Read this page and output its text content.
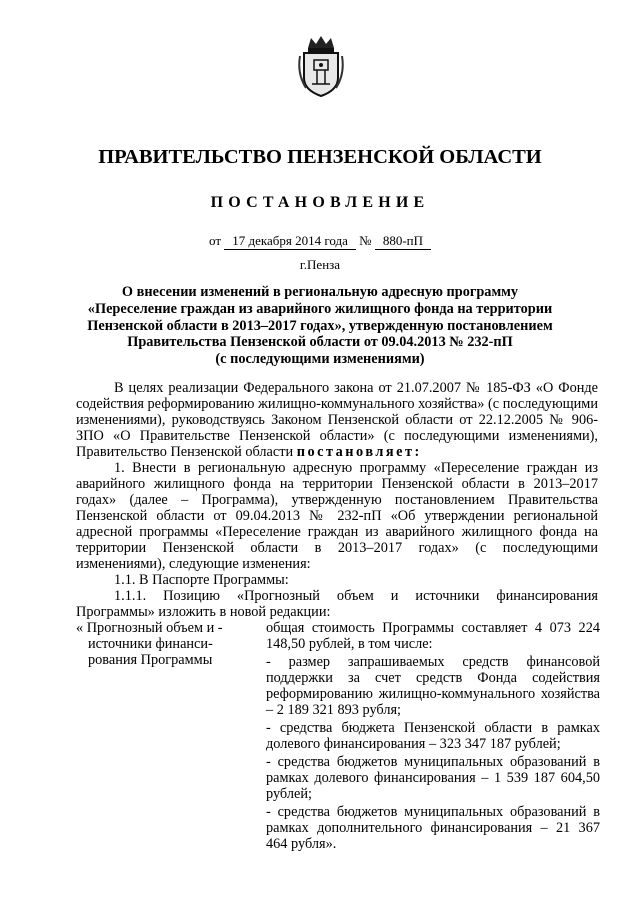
ПРАВИТЕЛЬСТВО ПЕНЗЕНСКОЙ ОБЛАСТИ
ПОСТАНОВЛЕНИЕ
от 17 декабря 2014 года № 880-пП
г.Пенза
О внесении изменений в региональную адресную программу
«Переселение граждан из аварийного жилищного фонда на территории
Пензенской области в 2013–2017 годах», утвержденную постановлением
Правительства Пензенской области от 09.04.2013 № 232-пП
(с последующими изменениями)

В целях реализации Федерального закона от 21.07.2007 № 185-ФЗ «О Фонде содействия реформированию жилищно-коммунального хозяйства» (с последующими изменениями), руководствуясь Законом Пензенской области от 22.12.2005 № 906-ЗПО «О Правительстве Пензенской области» (с последующими изменениями), Правительство Пензенской области постановляет:

1. Внести в региональную адресную программу «Переселение граждан из аварийного жилищного фонда на территории Пензенской области в 2013–2017 годах» (далее – Программа), утвержденную постановлением Правительства Пензенской области от 09.04.2013 № 232-пП «Об утверждении региональной адресной программы «Переселение граждан из аварийного жилищного фонда на территории Пензенской области в 2013–2017 годах» (с последующими изменениями), следующие изменения:

1.1. В Паспорте Программы:

1.1.1. Позицию «Прогнозный объем и источники финансирования Программы» изложить в новой редакции:

« Прогнозный объем и -
источники финанси-
рования Программы

общая стоимость Программы составляет 4 073 224 148,50 рублей, в том числе:

- размер запрашиваемых средств финансовой поддержки за счет средств Фонда содействия реформированию жилищно-коммунального хозяйства – 2 189 321 893 рубля;

- средства бюджета Пензенской области в рамках долевого финансирования – 323 347 187 рублей;

- средства бюджетов муниципальных образований в рамках долевого финансирования – 1 539 187 604,50 рублей;

- средства бюджетов муниципальных образований в рамках дополнительного финансирования – 21 367 464 рубля».
